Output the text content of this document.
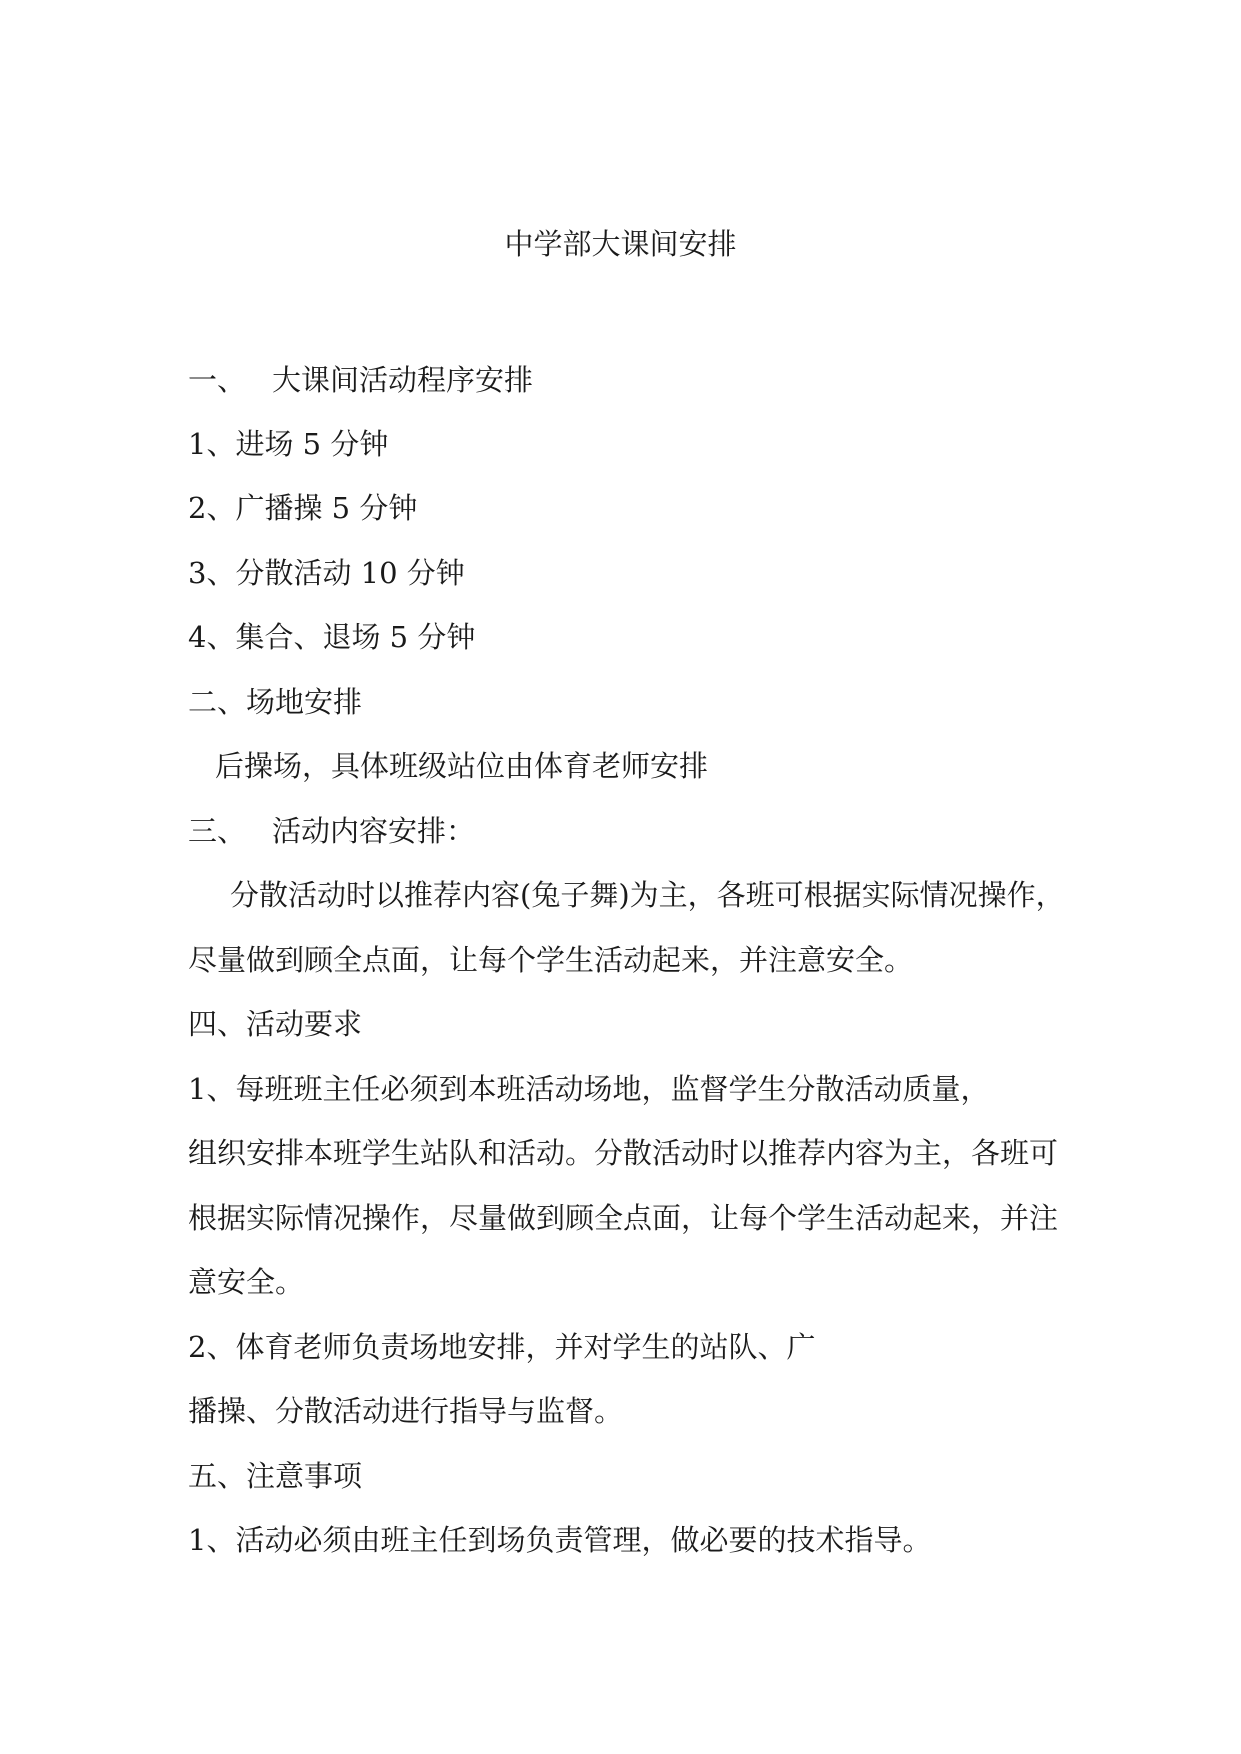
中学部大课间安排
一、 大课间活动程序安排
1、进场 5 分钟
2、广播操 5 分钟
3、分散活动 10 分钟
4、集合、退场 5 分钟
二、场地安排
后操场，具体班级站位由体育老师安排
三、 活动内容安排：
分散活动时以推荐内容(兔子舞)为主，各班可根据实际情况操作，
尽量做到顾全点面，让每个学生活动起来，并注意安全。
四、活动要求
1、每班班主任必须到本班活动场地，监督学生分散活动质量，
组织安排本班学生站队和活动。分散活动时以推荐内容为主，各班可
根据实际情况操作，尽量做到顾全点面，让每个学生活动起来，并注
意安全。
2、体育老师负责场地安排，并对学生的站队、广
播操、分散活动进行指导与监督。
五、注意事项
1、活动必须由班主任到场负责管理，做必要的技术指导。
